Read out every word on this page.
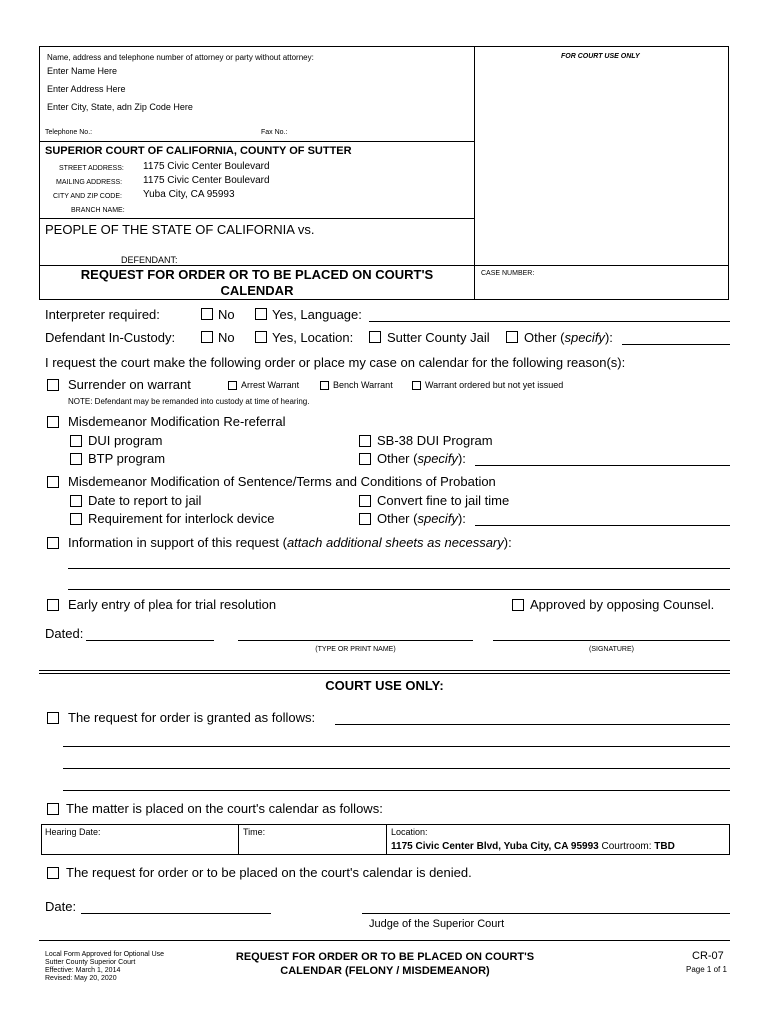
Name, address and telephone number of attorney or party without attorney:	FOR COURT USE ONLY
Enter Name Here
Enter Address Here
Enter City, State, adn Zip Code Here
Telephone No.:	Fax No.:
SUPERIOR COURT OF CALIFORNIA, COUNTY OF SUTTER
STREET ADDRESS: 1175 Civic Center Boulevard
MAILING ADDRESS: 1175 Civic Center Boulevard
CITY AND ZIP CODE: Yuba City, CA 95993
BRANCH NAME:
PEOPLE OF THE STATE OF CALIFORNIA vs.
DEFENDANT:
REQUEST FOR ORDER OR TO BE PLACED ON COURT'S
CALENDAR
CASE NUMBER:
Interpreter required:	No	Yes, Language:
Defendant In-Custody:	No	Yes, Location:	Sutter County Jail	Other (specify):
I request the court make the following order or place my case on calendar for the following reason(s):
Surrender on warrant	Arrest Warrant	Bench Warrant	Warrant ordered but not yet issued
NOTE: Defendant may be remanded into custody at time of hearing.
Misdemeanor Modification Re-referral
DUI program
BTP program
SB-38 DUI Program
Other (specify):
Misdemeanor Modification of Sentence/Terms and Conditions of Probation
Date to report to jail
Requirement for interlock device
Convert fine to jail time
Other (specify):
Information in support of this request (attach additional sheets as necessary):
Early entry of plea for trial resolution	Approved by opposing Counsel.
Dated:
(TYPE OR PRINT NAME)	(SIGNATURE)
COURT USE ONLY:
The request for order is granted as follows:
The matter is placed on the court's calendar as follows:
Hearing Date:	Time:	Location:
1175 Civic Center Blvd, Yuba City, CA 95993 Courtroom: TBD
The request for order or to be placed on the court's calendar is denied.
Date:
Judge of the Superior Court
Local Form Approved for Optional Use
Sutter County Superior Court
Effective: March 1, 2014
Revised: May 20, 2020
REQUEST FOR ORDER OR TO BE PLACED ON COURT'S
CALENDAR (FELONY / MISDEMEANOR)
CR-07
Page 1 of 1
